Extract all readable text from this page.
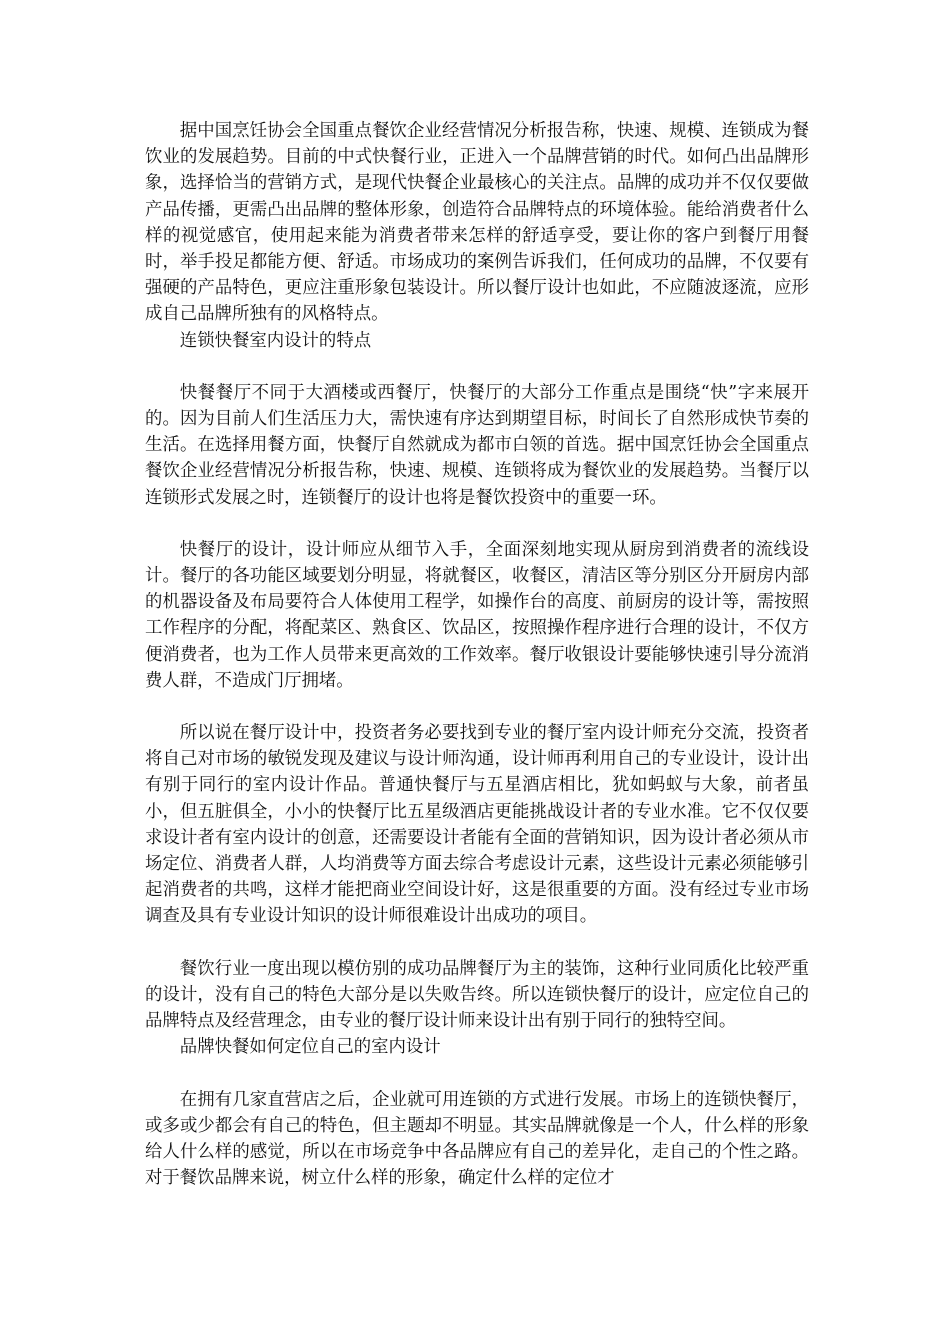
据中国烹饪协会全国重点餐饮企业经营情况分析报告称，快速、规模、连锁成为餐饮业的发展趋势。目前的中式快餐行业，正进入一个品牌营销的时代。如何凸出品牌形象，选择恰当的营销方式，是现代快餐企业最核心的关注点。品牌的成功并不仅仅要做产品传播，更需凸出品牌的整体形象，创造符合品牌特点的环境体验。能给消费者什么样的视觉感官，使用起来能为消费者带来怎样的舒适享受，要让你的客户到餐厅用餐时，举手投足都能方便、舒适。市场成功的案例告诉我们，任何成功的品牌，不仅要有强硬的产品特色，更应注重形象包装设计。所以餐厅设计也如此，不应随波逐流，应形成自己品牌所独有的风格特点。

连锁快餐室内设计的特点

快餐餐厅不同于大酒楼或西餐厅，快餐厅的大部分工作重点是围绕“快”字来展开的。因为目前人们生活压力大，需快速有序达到期望目标，时间长了自然形成快节奏的生活。在选择用餐方面，快餐厅自然就成为都市白领的首选。据中国烹饪协会全国重点餐饮企业经营情况分析报告称，快速、规模、连锁将成为餐饮业的发展趋势。当餐厅以连锁形式发展之时，连锁餐厅的设计也将是餐饮投资中的重要一环。

快餐厅的设计，设计师应从细节入手，全面深刻地实现从厨房到消费者的流线设计。餐厅的各功能区域要划分明显，将就餐区，收餐区，清洁区等分别区分开厨房内部的机器设备及布局要符合人体使用工程学，如操作台的高度、前厨房的设计等，需按照工作程序的分配，将配菜区、熟食区、饮品区，按照操作程序进行合理的设计，不仅方便消费者，也为工作人员带来更高效的工作效率。餐厅收银设计要能够快速引导分流消费人群，不造成门厅拥堵。

所以说在餐厅设计中，投资者务必要找到专业的餐厅室内设计师充分交流，投资者将自己对市场的敏锐发现及建议与设计师沟通，设计师再利用自己的专业设计，设计出有别于同行的室内设计作品。普通快餐厅与五星酒店相比，犹如蚂蚁与大象，前者虽小，但五脏俱全，小小的快餐厅比五星级酒店更能挑战设计者的专业水准。它不仅仅要求设计者有室内设计的创意，还需要设计者能有全面的营销知识，因为设计者必须从市场定位、消费者人群，人均消费等方面去综合考虑设计元素，这些设计元素必须能够引起消费者的共鸣，这样才能把商业空间设计好，这是很重要的方面。没有经过专业市场调查及具有专业设计知识的设计师很难设计出成功的项目。

餐饮行业一度出现以模仿别的成功品牌餐厅为主的装饰，这种行业同质化比较严重的设计，没有自己的特色大部分是以失败告终。所以连锁快餐厅的设计，应定位自己的品牌特点及经营理念，由专业的餐厅设计师来设计出有别于同行的独特空间。

品牌快餐如何定位自己的室内设计

在拥有几家直营店之后，企业就可用连锁的方式进行发展。市场上的连锁快餐厅，或多或少都会有自己的特色，但主题却不明显。其实品牌就像是一个人，什么样的形象给人什么样的感觉，所以在市场竞争中各品牌应有自己的差异化，走自己的个性之路。对于餐饮品牌来说，树立什么样的形象，确定什么样的定位才
